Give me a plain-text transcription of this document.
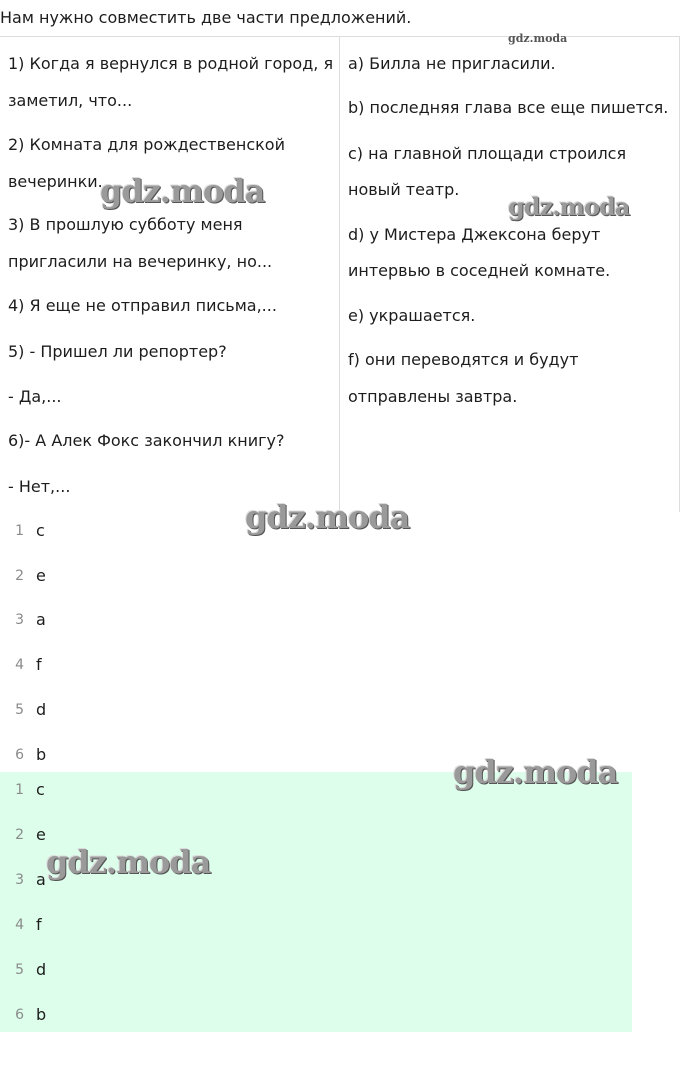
Нам нужно совместить две части предложений.

1) Когда я вернулся в родной город, я
заметил, что...
2) Комната для рождественской
вечеринки...
3) В прошлую субботу меня
пригласили на вечеринку, но...
4) Я еще не отправил письма,...
5) - Пришел ли репортер?
- Да,...
6)- А Алек Фокс закончил книгу?
- Нет,...
a) Билла не пригласили.
b) последняя глава все еще пишется.
c) на главной площади строился
новый театр.
d) у Мистера Джексона берут
интервью в соседней комнате.
e) украшается.
f) они переводятся и будут
отправлены завтра.
1 c
2 e
3 a
4 f
5 d
6 b
1 c
2 e
3 a
4 f
5 d
6 b
gdz.moda
gdz.moda	gdz.moda
gdz.moda
gdz.moda
gdz.moda
